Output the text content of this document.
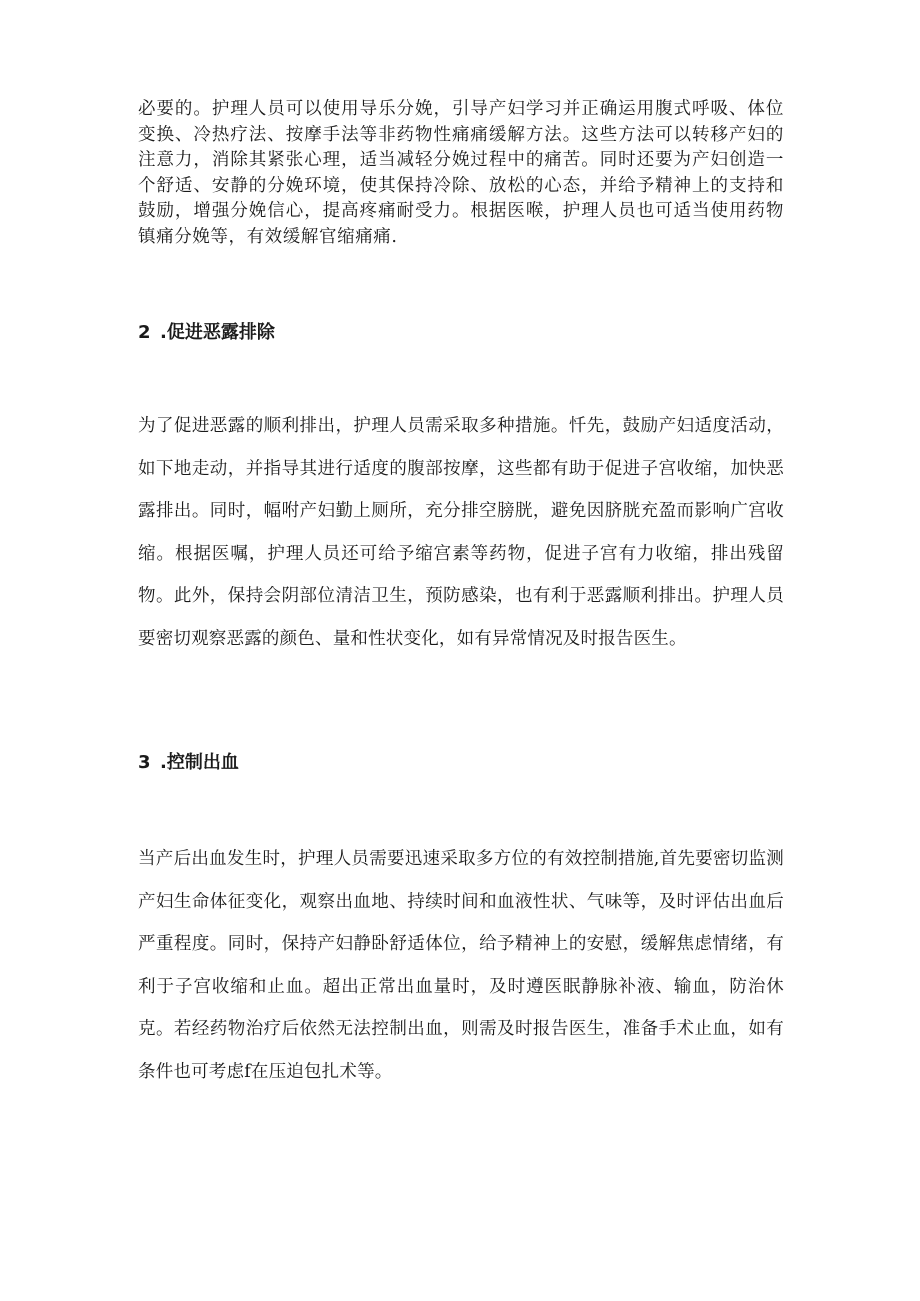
必要的。护理人员可以使用导乐分娩，引导产妇学习并正确运用腹式呼吸、体位变换、冷热疗法、按摩手法等非药物性痛痛缓解方法。这些方法可以转移产妇的注意力，消除其紧张心理，适当减轻分娩过程中的痛苦。同时还要为产妇创造一个舒适、安静的分娩环境，使其保持冷除、放松的心态，并给予精神上的支持和鼓励，增强分娩信心，提高疼痛耐受力。根据医喉，护理人员也可适当使用药物镇痛分娩等，有效缓解官缩痛痛.

2 .促进恶露排除

为了促进恶露的顺利排出，护理人员需采取多种措施。忏先，鼓励产妇适度活动，如下地走动，并指导其进行适度的腹部按摩，这些都有助于促进子宫收缩，加快恶露排出。同时，幅咐产妇勤上厕所，充分排空膀胱，避免因脐胱充盈而影响广宫收缩。根据医嘱，护理人员还可给予缩宫素等药物，促进子宫有力收缩，排出残留物。此外，保持会阴部位清洁卫生，预防感染，也有利于恶露顺利排出。护理人员要密切观察恶露的颜色、量和性状变化，如有异常情况及时报告医生。

3 .控制出血

当产后出血发生时，护理人员需要迅速采取多方位的有效控制措施,首先要密切监测产妇生命体征变化，观察出血地、持续时间和血液性状、气味等，及时评估出血后严重程度。同时，保持产妇静卧舒适体位，给予精神上的安慰，缓解焦虑情绪，有利于子宫收缩和止血。超出正常出血量时，及时遵医眠静脉补液、输血，防治休克。若经药物治疗后依然无法控制出血，则需及时报告医生，准备手术止血，如有条件也可考虑f在压迫包扎术等。
